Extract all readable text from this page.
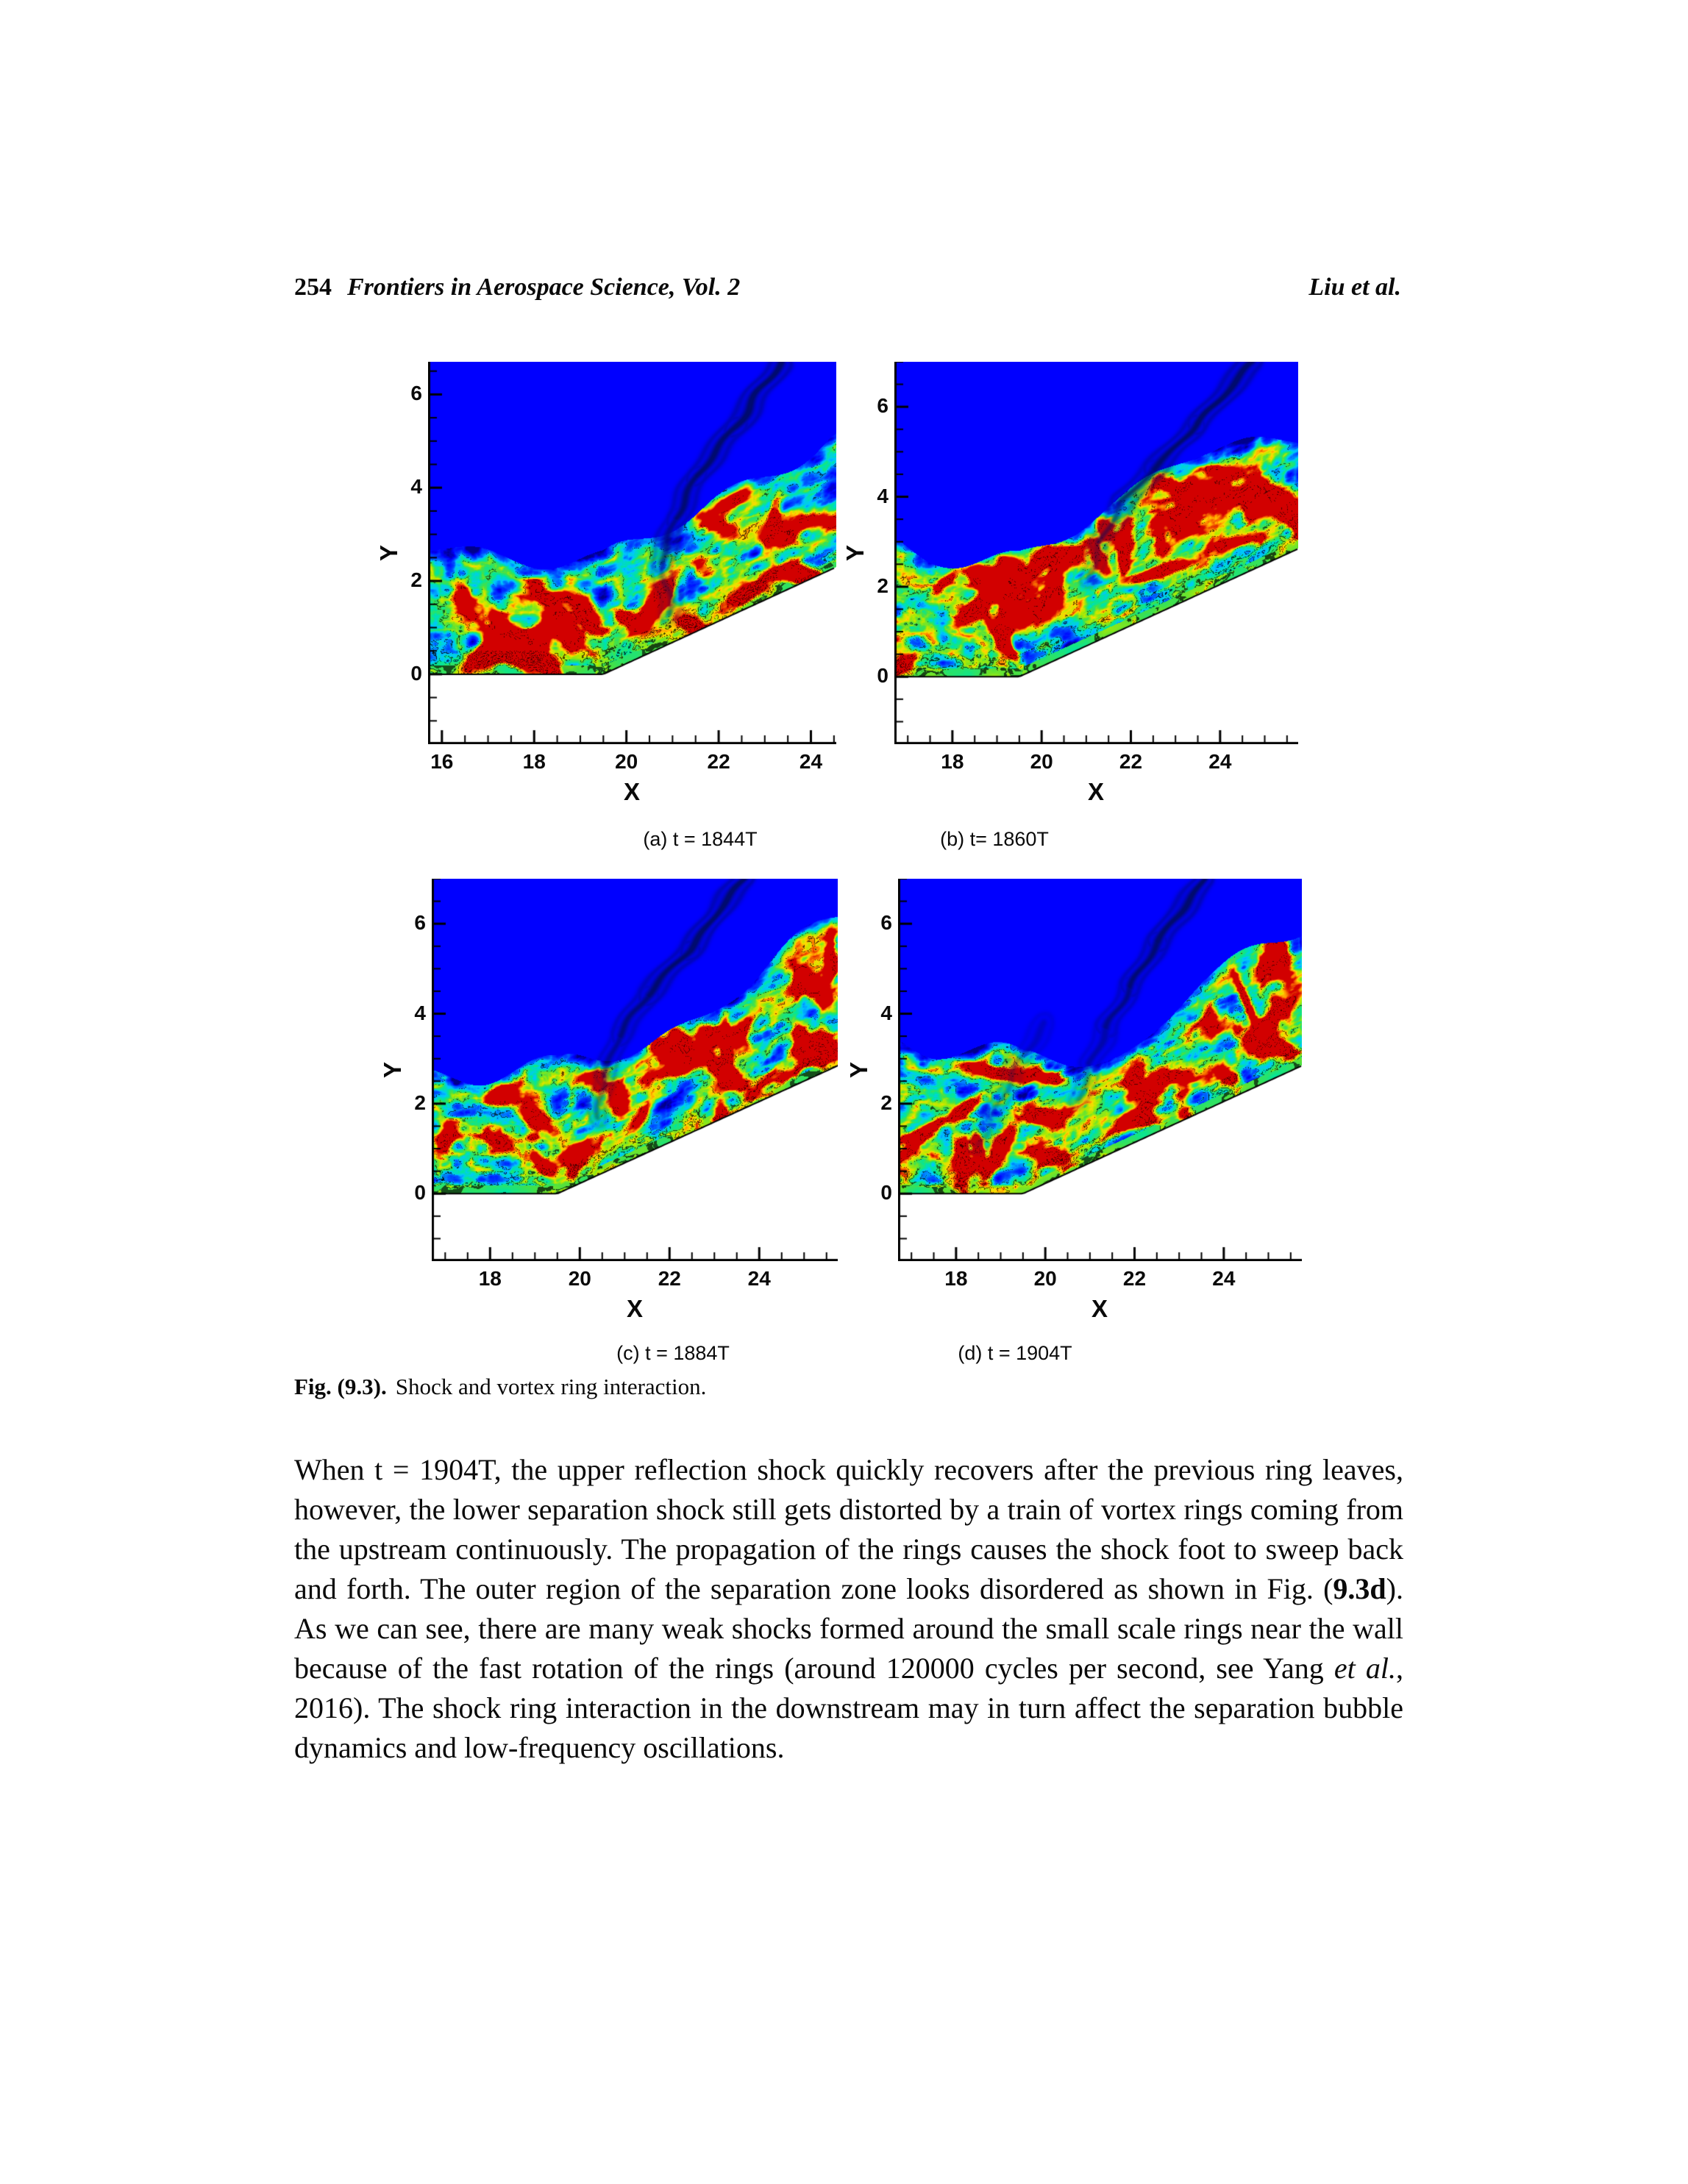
254 Frontiers in Aerospace Science, Vol. 2	Liu et al.
Y
X
16	18	20	22	24
0
2
4
6
Y
X
18	20	22	24
0
2
4
6
Y
X
18	20	22	24
0
2
4
6
Y
X
18	20	22	24
0
2
4
6
(a) t = 1844T	(b) t= 1860T
(c) t = 1884T	(d) t = 1904T
Fig. (9.3). Shock and vortex ring interaction.

When t = 1904T, the upper reflection shock quickly recovers after the previous ring leaves, however, the lower separation shock still gets distorted by a train of vortex rings coming from the upstream continuously. The propagation of the rings causes the shock foot to sweep back and forth. The outer region of the separation zone looks disordered as shown in Fig. (9.3d). As we can see, there are many weak shocks formed around the small scale rings near the wall because of the fast rotation of the rings (around 120000 cycles per second, see Yang et al., 2016). The shock ring interaction in the downstream may in turn affect the separation bubble dynamics and low-frequency oscillations.
